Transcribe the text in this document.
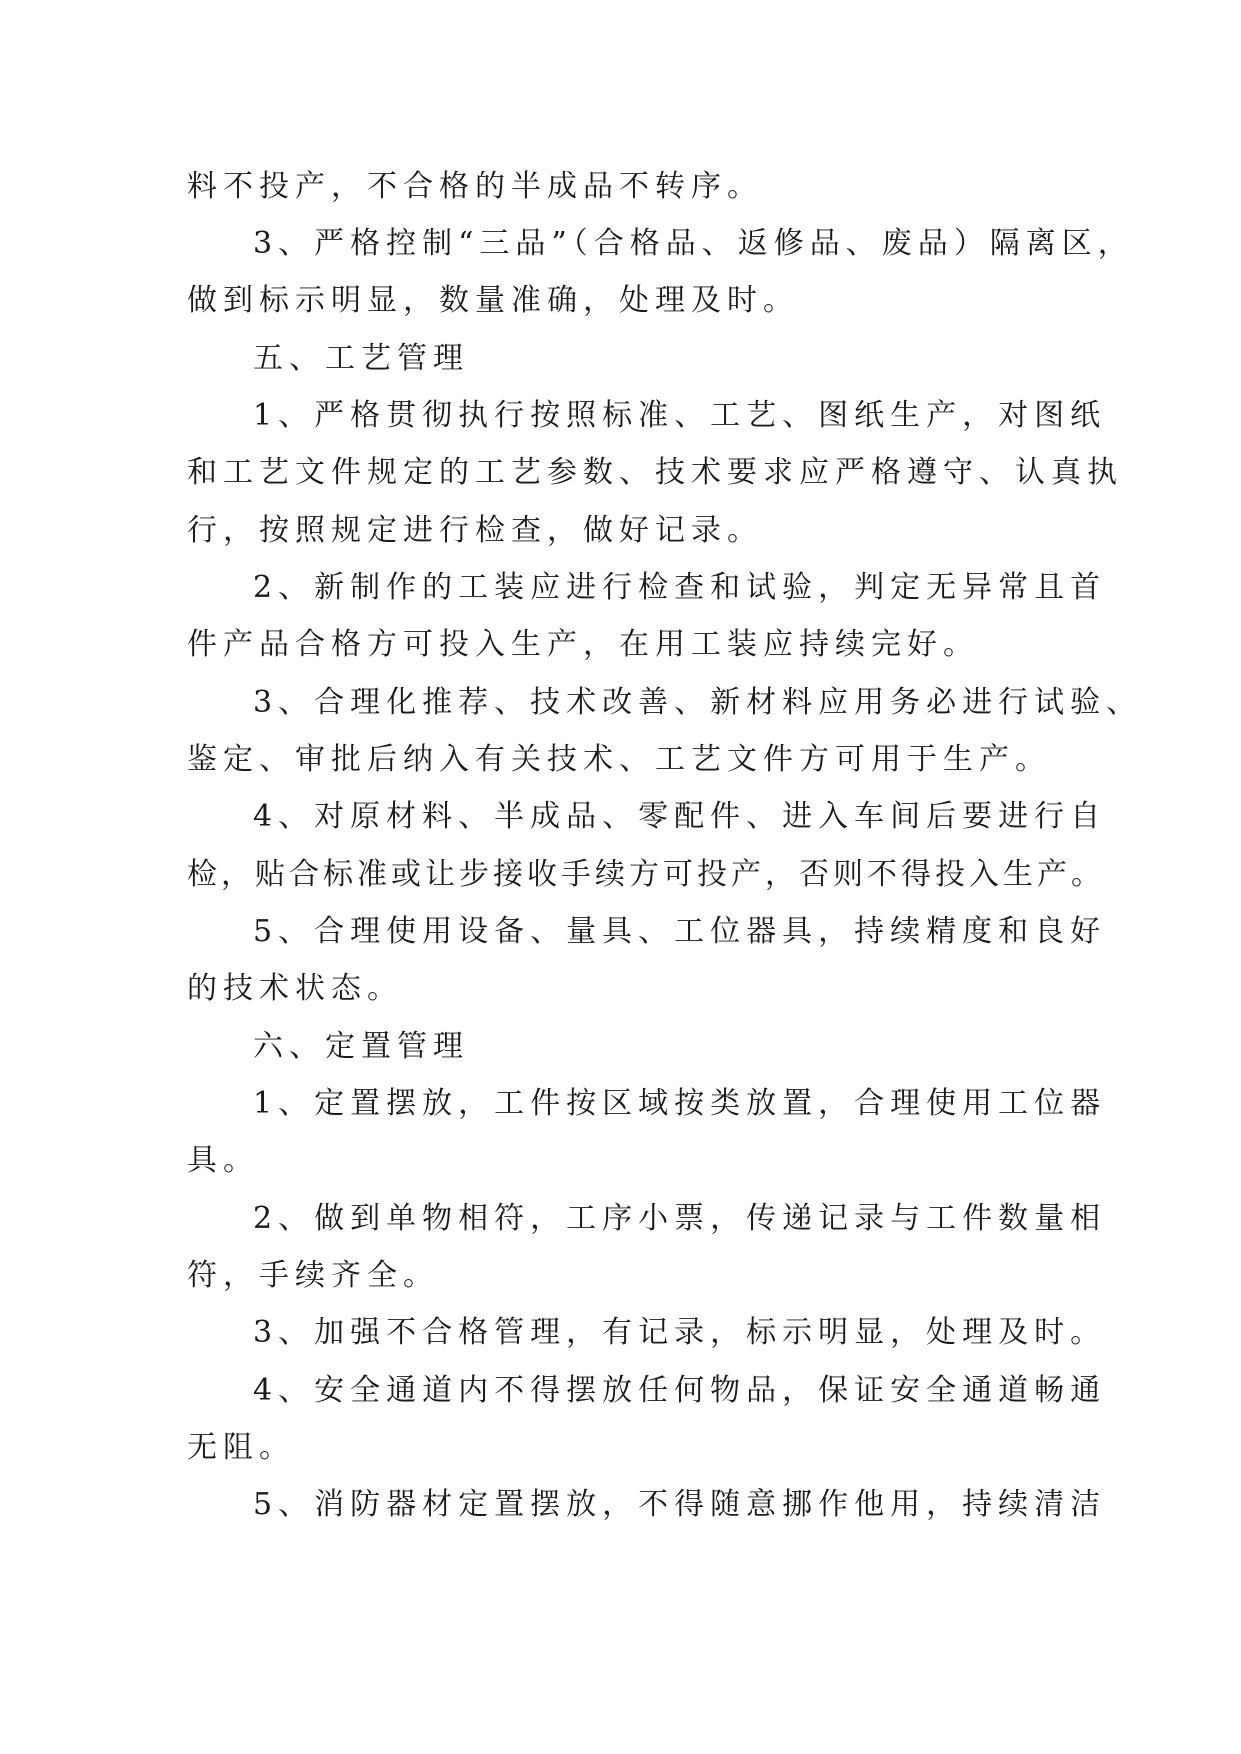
料不投产，不合格的半成品不转序。
3、严格控制“三品”（合格品、返修品、废品）隔离区，
做到标示明显，数量准确，处理及时。
五、工艺管理
1、严格贯彻执行按照标准、工艺、图纸生产，对图纸
和工艺文件规定的工艺参数、技术要求应严格遵守、认真执
行，按照规定进行检查，做好记录。
2、新制作的工装应进行检查和试验，判定无异常且首
件产品合格方可投入生产，在用工装应持续完好。
3、合理化推荐、技术改善、新材料应用务必进行试验、
鉴定、审批后纳入有关技术、工艺文件方可用于生产。
4、对原材料、半成品、零配件、进入车间后要进行自
检，贴合标准或让步接收手续方可投产，否则不得投入生产。
5、合理使用设备、量具、工位器具，持续精度和良好
的技术状态。
六、定置管理
1、定置摆放，工件按区域按类放置，合理使用工位器
具。
2、做到单物相符，工序小票，传递记录与工件数量相
符，手续齐全。
3、加强不合格管理，有记录，标示明显，处理及时。
4、安全通道内不得摆放任何物品，保证安全通道畅通
无阻。
5、消防器材定置摆放，不得随意挪作他用，持续清洁
